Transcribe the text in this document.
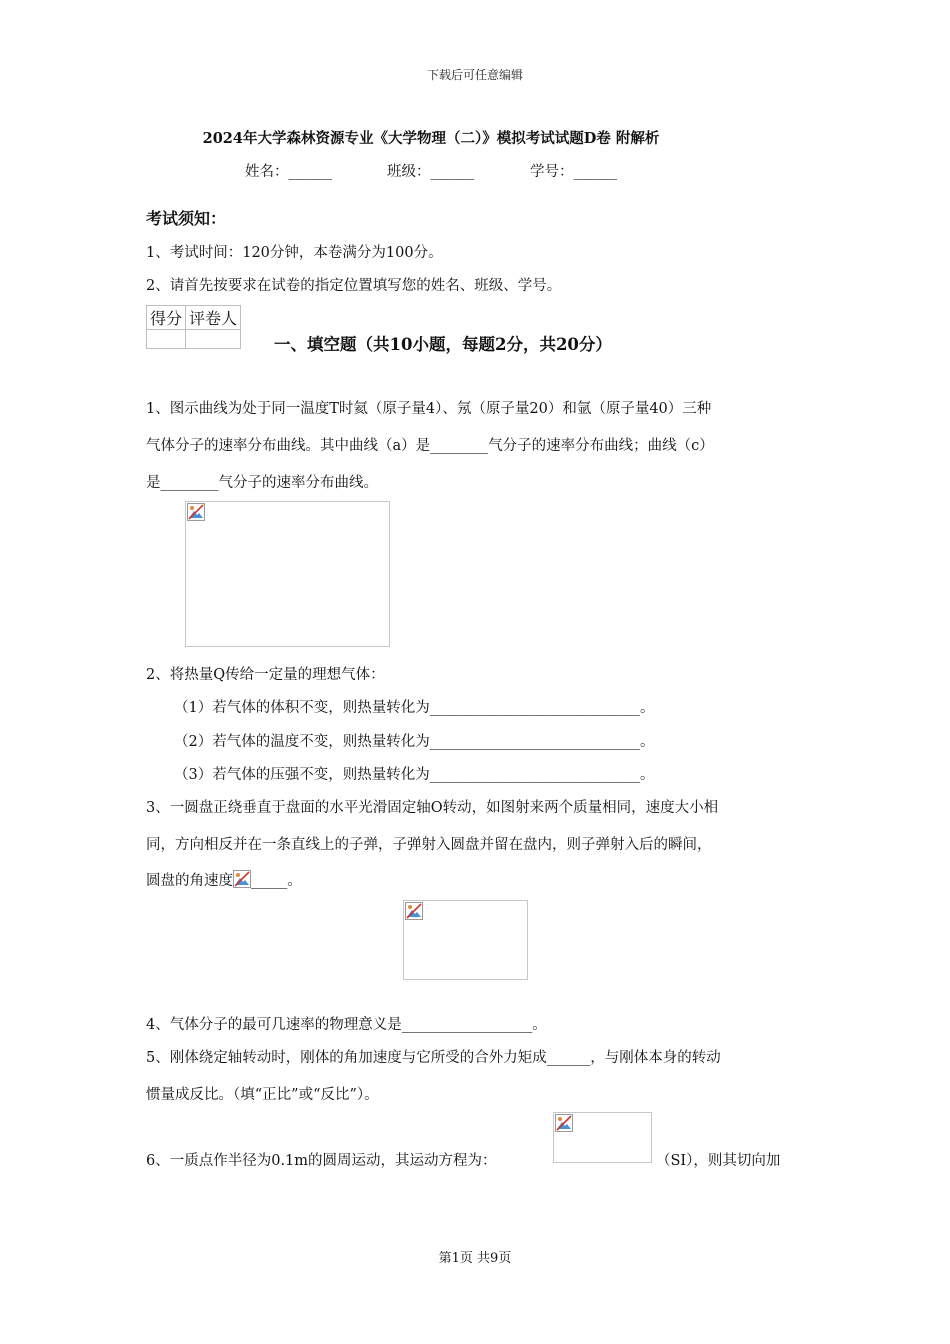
下载后可任意编辑
2024年大学森林资源专业《大学物理（二）》模拟考试试题D卷 附解析
姓名：______	班级：______	学号：______
考试须知：
1、考试时间：120分钟，本卷满分为100分。
2、请首先按要求在试卷的指定位置填写您的姓名、班级、学号。
得分	评卷人

一、填空题（共10小题，每题2分，共20分）
1、图示曲线为处于同一温度T时氦（原子量4）、氖（原子量20）和氩（原子量40）三种
气体分子的速率分布曲线。其中曲线（a）是________气分子的速率分布曲线；曲线（c）
是________气分子的速率分布曲线。
2、将热量Q传给一定量的理想气体：
（1）若气体的体积不变，则热量转化为_____________________________。
（2）若气体的温度不变，则热量转化为_____________________________。
（3）若气体的压强不变，则热量转化为_____________________________。
3、一圆盘正绕垂直于盘面的水平光滑固定轴O转动，如图射来两个质量相同，速度大小相
同，方向相反并在一条直线上的子弹，子弹射入圆盘并留在盘内，则子弹射入后的瞬间，
圆盘的角速度 _____。
4、气体分子的最可几速率的物理意义是__________________。
5、刚体绕定轴转动时，刚体的角加速度与它所受的合外力矩成______，与刚体本身的转动
惯量成反比。（填“正比”或“反比”）。
6、一质点作半径为0.1m的圆周运动，其运动方程为：	（SI），则其切向加
第1页 共9页
